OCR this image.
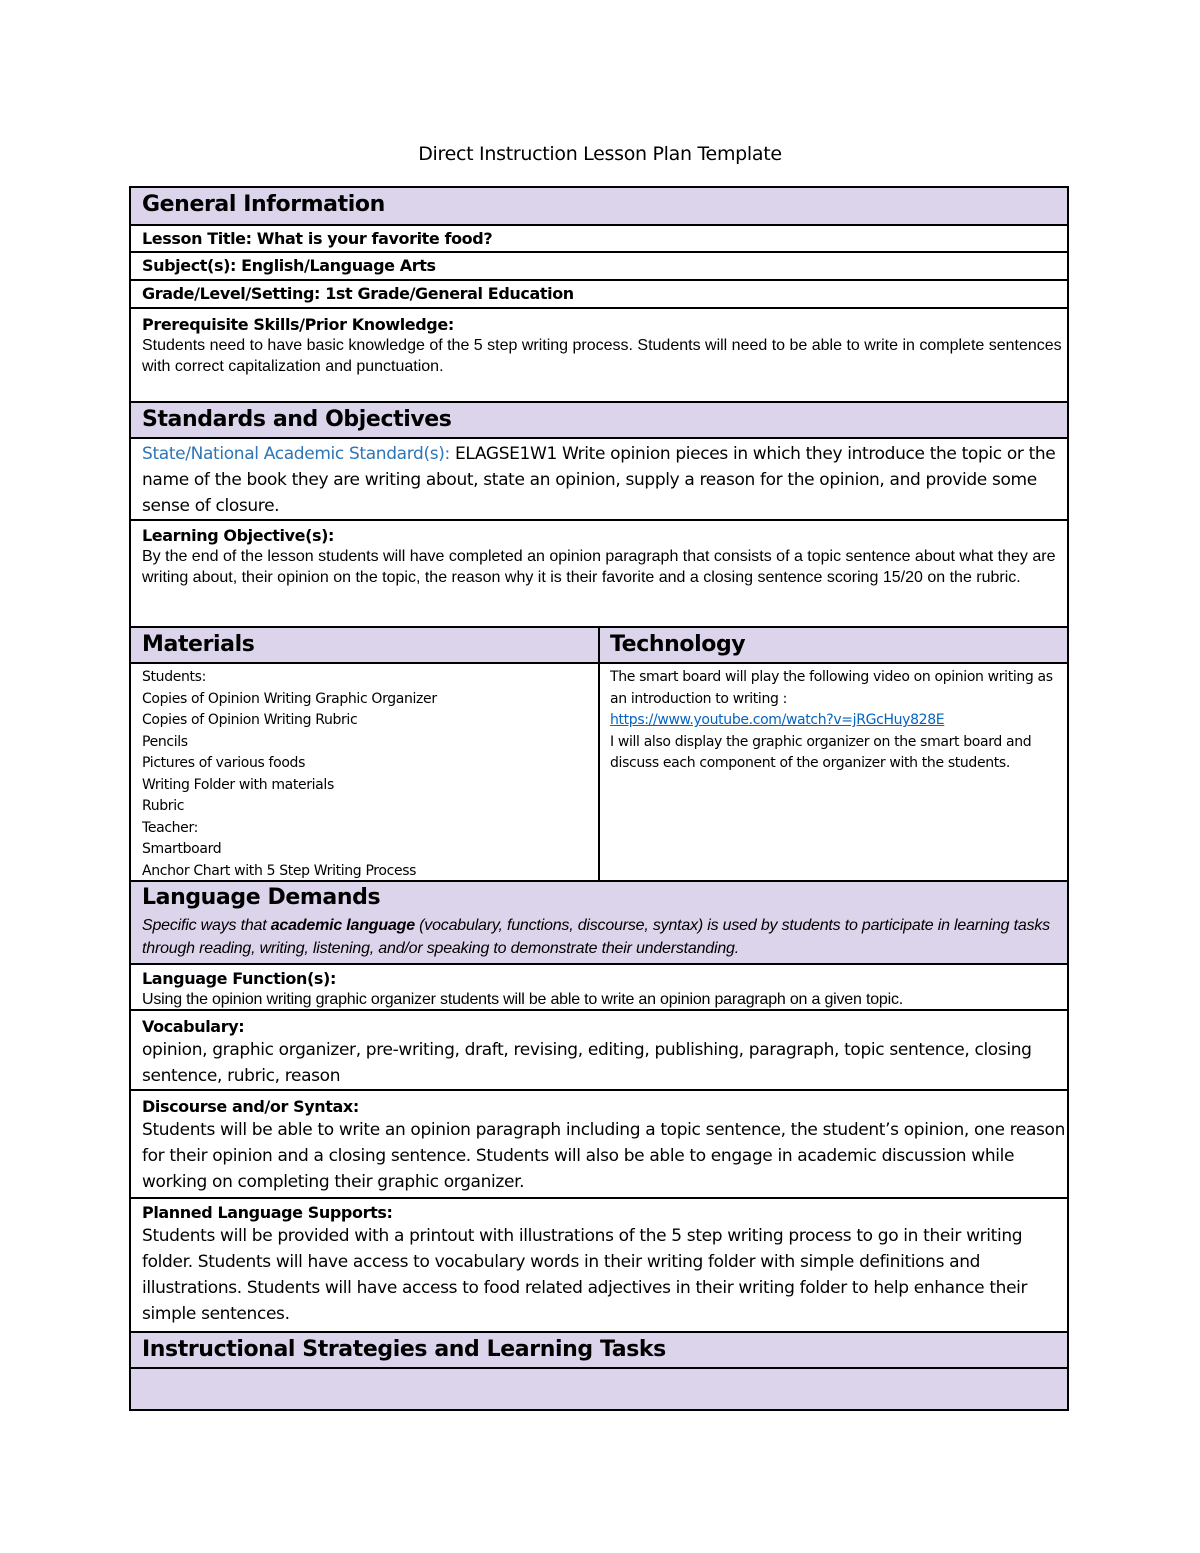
Direct Instruction Lesson Plan Template
General Information
Lesson Title: What is your favorite food?
Subject(s): English/Language Arts
Grade/Level/Setting: 1st Grade/General Education
Prerequisite Skills/Prior Knowledge:
Students need to have basic knowledge of the 5 step writing process. Students will need to be able to write in complete sentences with correct capitalization and punctuation.
Standards and Objectives
State/National Academic Standard(s): ELAGSE1W1 Write opinion pieces in which they introduce the topic or the name of the book they are writing about, state an opinion, supply a reason for the opinion, and provide some sense of closure.
Learning Objective(s):
By the end of the lesson students will have completed an opinion paragraph that consists of a topic sentence about what they are writing about, their opinion on the topic, the reason why it is their favorite and a closing sentence scoring 15/20 on the rubric.
Materials	Technology
Students:
Copies of Opinion Writing Graphic Organizer
Copies of Opinion Writing Rubric
Pencils
Pictures of various foods
Writing Folder with materials
Rubric
Teacher:
Smartboard
Anchor Chart with 5 Step Writing Process
The smart board will play the following video on opinion writing as an introduction to writing :
https://www.youtube.com/watch?v=jRGcHuy828E
I will also display the graphic organizer on the smart board and discuss each component of the organizer with the students.
Language Demands
Specific ways that academic language (vocabulary, functions, discourse, syntax) is used by students to participate in learning tasks through reading, writing, listening, and/or speaking to demonstrate their understanding.
Language Function(s):
Using the opinion writing graphic organizer students will be able to write an opinion paragraph on a given topic.
Vocabulary:
opinion, graphic organizer, pre-writing, draft, revising, editing, publishing, paragraph, topic sentence, closing sentence, rubric, reason
Discourse and/or Syntax:
Students will be able to write an opinion paragraph including a topic sentence, the student’s opinion, one reason for their opinion and a closing sentence. Students will also be able to engage in academic discussion while working on completing their graphic organizer.
Planned Language Supports:
Students will be provided with a printout with illustrations of the 5 step writing process to go in their writing folder. Students will have access to vocabulary words in their writing folder with simple definitions and illustrations. Students will have access to food related adjectives in their writing folder to help enhance their simple sentences.
Instructional Strategies and Learning Tasks
